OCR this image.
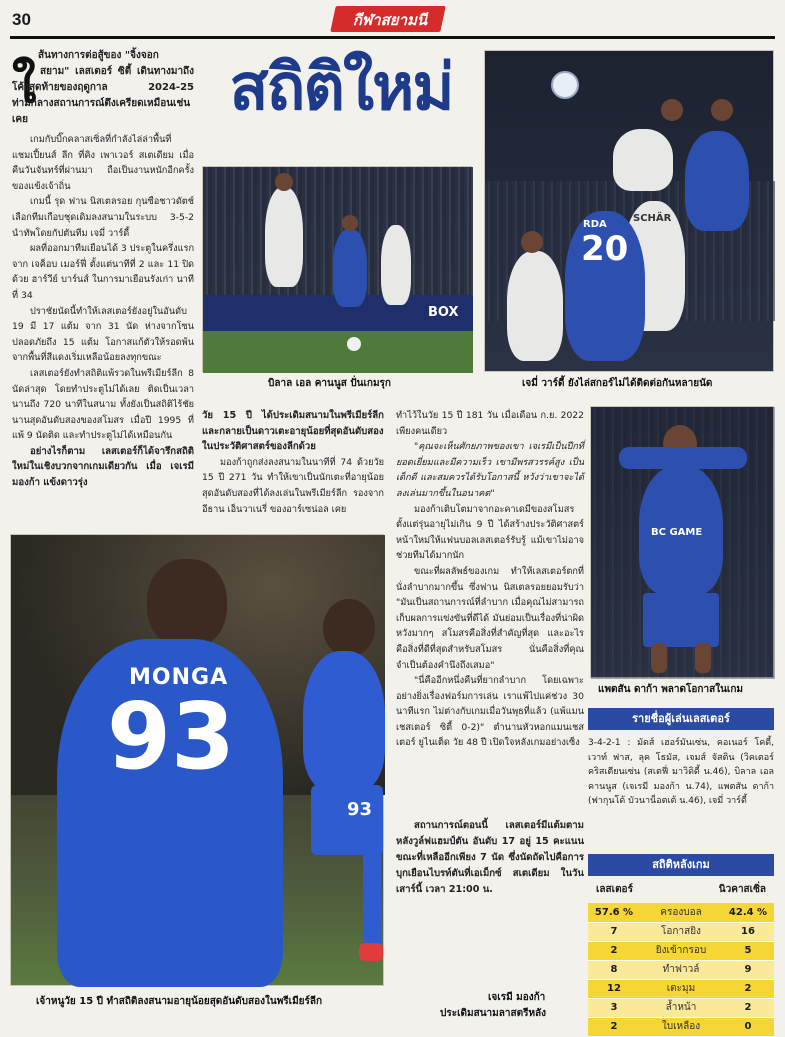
30	กีฬาสยามนี
ใ
ส้นทางการต่อสู้ของ "จิ้งจอก
สยาม" เลสเตอร์ ซิตี้ เดินทางมาถึงโค้งสุดท้ายของฤดูกาล 2024-25 ท่ามกลางสถานการณ์ตึงเครียดเหมือนเช่นเคย

เกมกับบิ๊กคลาสเซิ่ลที่กำลังไล่ล่าพื้นที่แชมเปี้ยนส์ ลีก ที่คิง เพาเวอร์ สเตเดียม เมื่อคืนวันจันทร์ที่ผ่านมา ถือเป็นงานหนักอีกครั้งของแข้งเจ้าถิ่น

เกมนี้ รุด ฟาน นิสเตลรอย กุนซือชาวดัตช์ เลือกทีมเกือบชุดเดิมลงสนามในระบบ 3-5-2 นำทัพโดยกัปตันทีม เจมี่ วาร์ดี้

ผลที่ออกมาทีมเยือนได้ 3 ประตูในครึ่งแรกจาก เจค็อบ เมอร์ฟี่ ตั้งแต่นาทีที่ 2 และ 11 ปิดด้วย ฮาร์วีย์ บาร์นส์ ในการมาเยือนรังเก่า นาทีที่ 34

ปราชัยนัดนี้ทำให้เลสเตอร์ยังอยู่ในอันดับ 19 มี 17 แต้ม จาก 31 นัด ห่างจากโซนปลอดภัยถึง 15 แต้ม โอกาสแก้ตัวให้รอดพ้นจากพื้นที่สีแดงเริ่มเหลือน้อยลงทุกขณะ

เลสเตอร์ยังทำสถิติแพ้รวดในพรีเมียร์ลีก 8 นัดล่าสุด โดยทำประตูไม่ได้เลย ติดเป็นเวลานานถึง 720 นาทีในสนาม ทั้งยังเป็นสถิติไร้ชัยนานสุดอันดับสองของสโมสร เมื่อปี 1995 ที่แพ้ 9 นัดติด และทำประตูไม่ได้เหมือนกัน

อย่างไรก็ตาม เลสเตอร์ก็ได้จารึกสถิติใหม่ในเชิงบวกจากเกมเดียวกัน เมื่อ เจเรมี มองก้า แข้งดาวรุ่ง

สถิติใหม่
BOX
บิลาล เอล คานนูส ปั่นเกมรุก
SCHÄR
RDA
20
เจมี่ วาร์ดี้ ยังไล่สกอร์ไม่ได้ติดต่อกันหลายนัด

วัย 15 ปี ได้ประเดิมสนามในพรีเมียร์ลีก และกลายเป็นดาวเตะอายุน้อยที่สุดอันดับสองในประวัติศาสตร์ของลีกด้วย

มองก้าถูกส่งลงสนามในนาทีที่ 74 ด้วยวัย 15 ปี 271 วัน ทำให้เขาเป็นนักเตะที่อายุน้อยสุดอันดับสองที่ได้ลงเล่นในพรีเมียร์ลีก รองจาก อีธาน เอ็นวาเนรี่ ของอาร์เซน่อล เคย

ทำไว้ในวัย 15 ปี 181 วัน เมื่อเดือน ก.ย. 2022 เพียงคนเดียว

"คุณจะเห็นศักยภาพของเขา เจเรมีเป็นปีกที่ยอดเยี่ยมและมีความเร็ว เขามีพรสวรรค์สูง เป็นเด็กดี และสมควรได้รับโอกาสนี้ หวังว่าเขาจะได้ลงเล่นมากขึ้นในอนาคต"

มองก้าเติบโตมาจากอะคาเดมีของสโมสร ตั้งแต่รุ่นอายุไม่เกิน 9 ปี ได้สร้างประวัติศาสตร์หน้าใหม่ให้แฟนบอลเลสเตอร์รับรู้ แม้เขาไม่อาจช่วยทีมได้มากนัก

ขณะที่ผลลัพธ์ของเกม ทำให้เลสเตอร์ตกที่นั่งลำบากมากขึ้น ซึ่งฟาน นิสเตลรอยยอมรับว่า "มันเป็นสถานการณ์ที่ลำบาก เมื่อคุณไม่สามารถเก็บผลการแข่งขันที่ดีได้ มันย่อมเป็นเรื่องที่น่าผิดหวังมากๆ สโมสรคือสิ่งที่สำคัญที่สุด และอะไรคือสิ่งที่ดีที่สุดสำหรับสโมสร นั่นคือสิ่งที่คุณจำเป็นต้องคำนึงถึงเสมอ"

"นี่คืออีกหนึ่งคืนที่ยากลำบาก โดยเฉพาะอย่างยิ่งเรื่องฟอร์มการเล่น เราแพ้ไปแค่ช่วง 30 นาทีแรก ไม่ต่างกับเกมเมื่อวันพุธที่แล้ว (แพ้แมนเชสเตอร์ ซิตี้ 0-2)" ตำนานหัวหอกแมนเชสเตอร์ ยูไนเต็ด วัย 48 ปี เปิดใจหลังเกมอย่างเซ็ง

สถานการณ์ตอนนี้ เลสเตอร์มีแต้มตามหลังวูล์ฟแฮมป์ตัน อันดับ 17 อยู่ 15 คะแนน ขณะที่เหลืออีกเพียง 7 นัด ซึ่งนัดถัดไปคือการบุกเยือนไบรท์ตันที่เอเม็กซ์ สเตเดียม ในวันเสาร์นี้ เวลา 21:00 น.
BC GAME
แพตสัน ดาก้า พลาดโอกาสในเกม
รายชื่อผู้เล่นเลสเตอร์

3-4-2-1 : มัดส์ เฮอร์มันเซ่น, คอเนอร์ โคดี้, เวาท์ ฟาส, ลุค โธมัส, เจมส์ จัสติน (วิคเตอร์ คริสเตียนเซ่น (สเตฟี่ มาวิดิดี้ น.46), บิลาล เอล คานนูส (เจเรมี มองก้า น.74), แพตสัน ดาก้า (ฟากุนโด้ บัวนาน็อตเต้ น.46), เจมี่ วาร์ดี้

สถิติหลังเกม
เลสเตอร์	นิวคาสเซิ่ล
57.6 %	ครองบอล	42.4 %
7	โอกาสยิง	16
2	ยิงเข้ากรอบ	5
8	ทำฟาวล์	9
12	เตะมุม	2
3	ล้ำหน้า	2
2	ใบเหลือง	0
MONGA
93
93
เจ้าหนูวัย 15 ปี ทำสถิติลงสนามอายุน้อยสุดอันดับสองในพรีเมียร์ลีก	เจเรมี มองก้า
ประเดิมสนามลาสตรีหลัง
